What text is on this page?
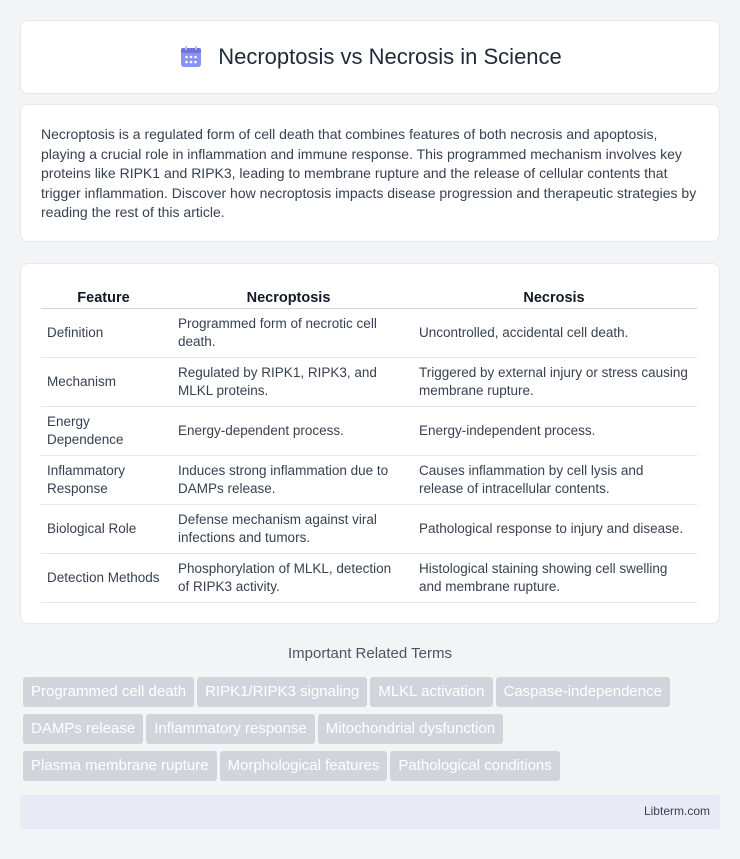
Necroptosis vs Necrosis in Science

Necroptosis is a regulated form of cell death that combines features of both necrosis and apoptosis, playing a crucial role in inflammation and immune response. This programmed mechanism involves key proteins like RIPK1 and RIPK3, leading to membrane rupture and the release of cellular contents that trigger inflammation. Discover how necroptosis impacts disease progression and therapeutic strategies by reading the rest of this article.

Feature	Necroptosis	Necrosis
Definition	Programmed form of necrotic cell death.	Uncontrolled, accidental cell death.
Mechanism	Regulated by RIPK1, RIPK3, and MLKL proteins.	Triggered by external injury or stress causing membrane rupture.
Energy Dependence	Energy-dependent process.	Energy-independent process.
Inflammatory Response	Induces strong inflammation due to DAMPs release.	Causes inflammation by cell lysis and release of intracellular contents.
Biological Role	Defense mechanism against viral infections and tumors.	Pathological response to injury and disease.
Detection Methods	Phosphorylation of MLKL, detection of RIPK3 activity.	Histological staining showing cell swelling and membrane rupture.
Important Related Terms
Programmed cell death RIPK1/RIPK3 signaling MLKL activation Caspase-independence
DAMPs release Inflammatory response Mitochondrial dysfunction
Plasma membrane rupture Morphological features Pathological conditions
Libterm.com
